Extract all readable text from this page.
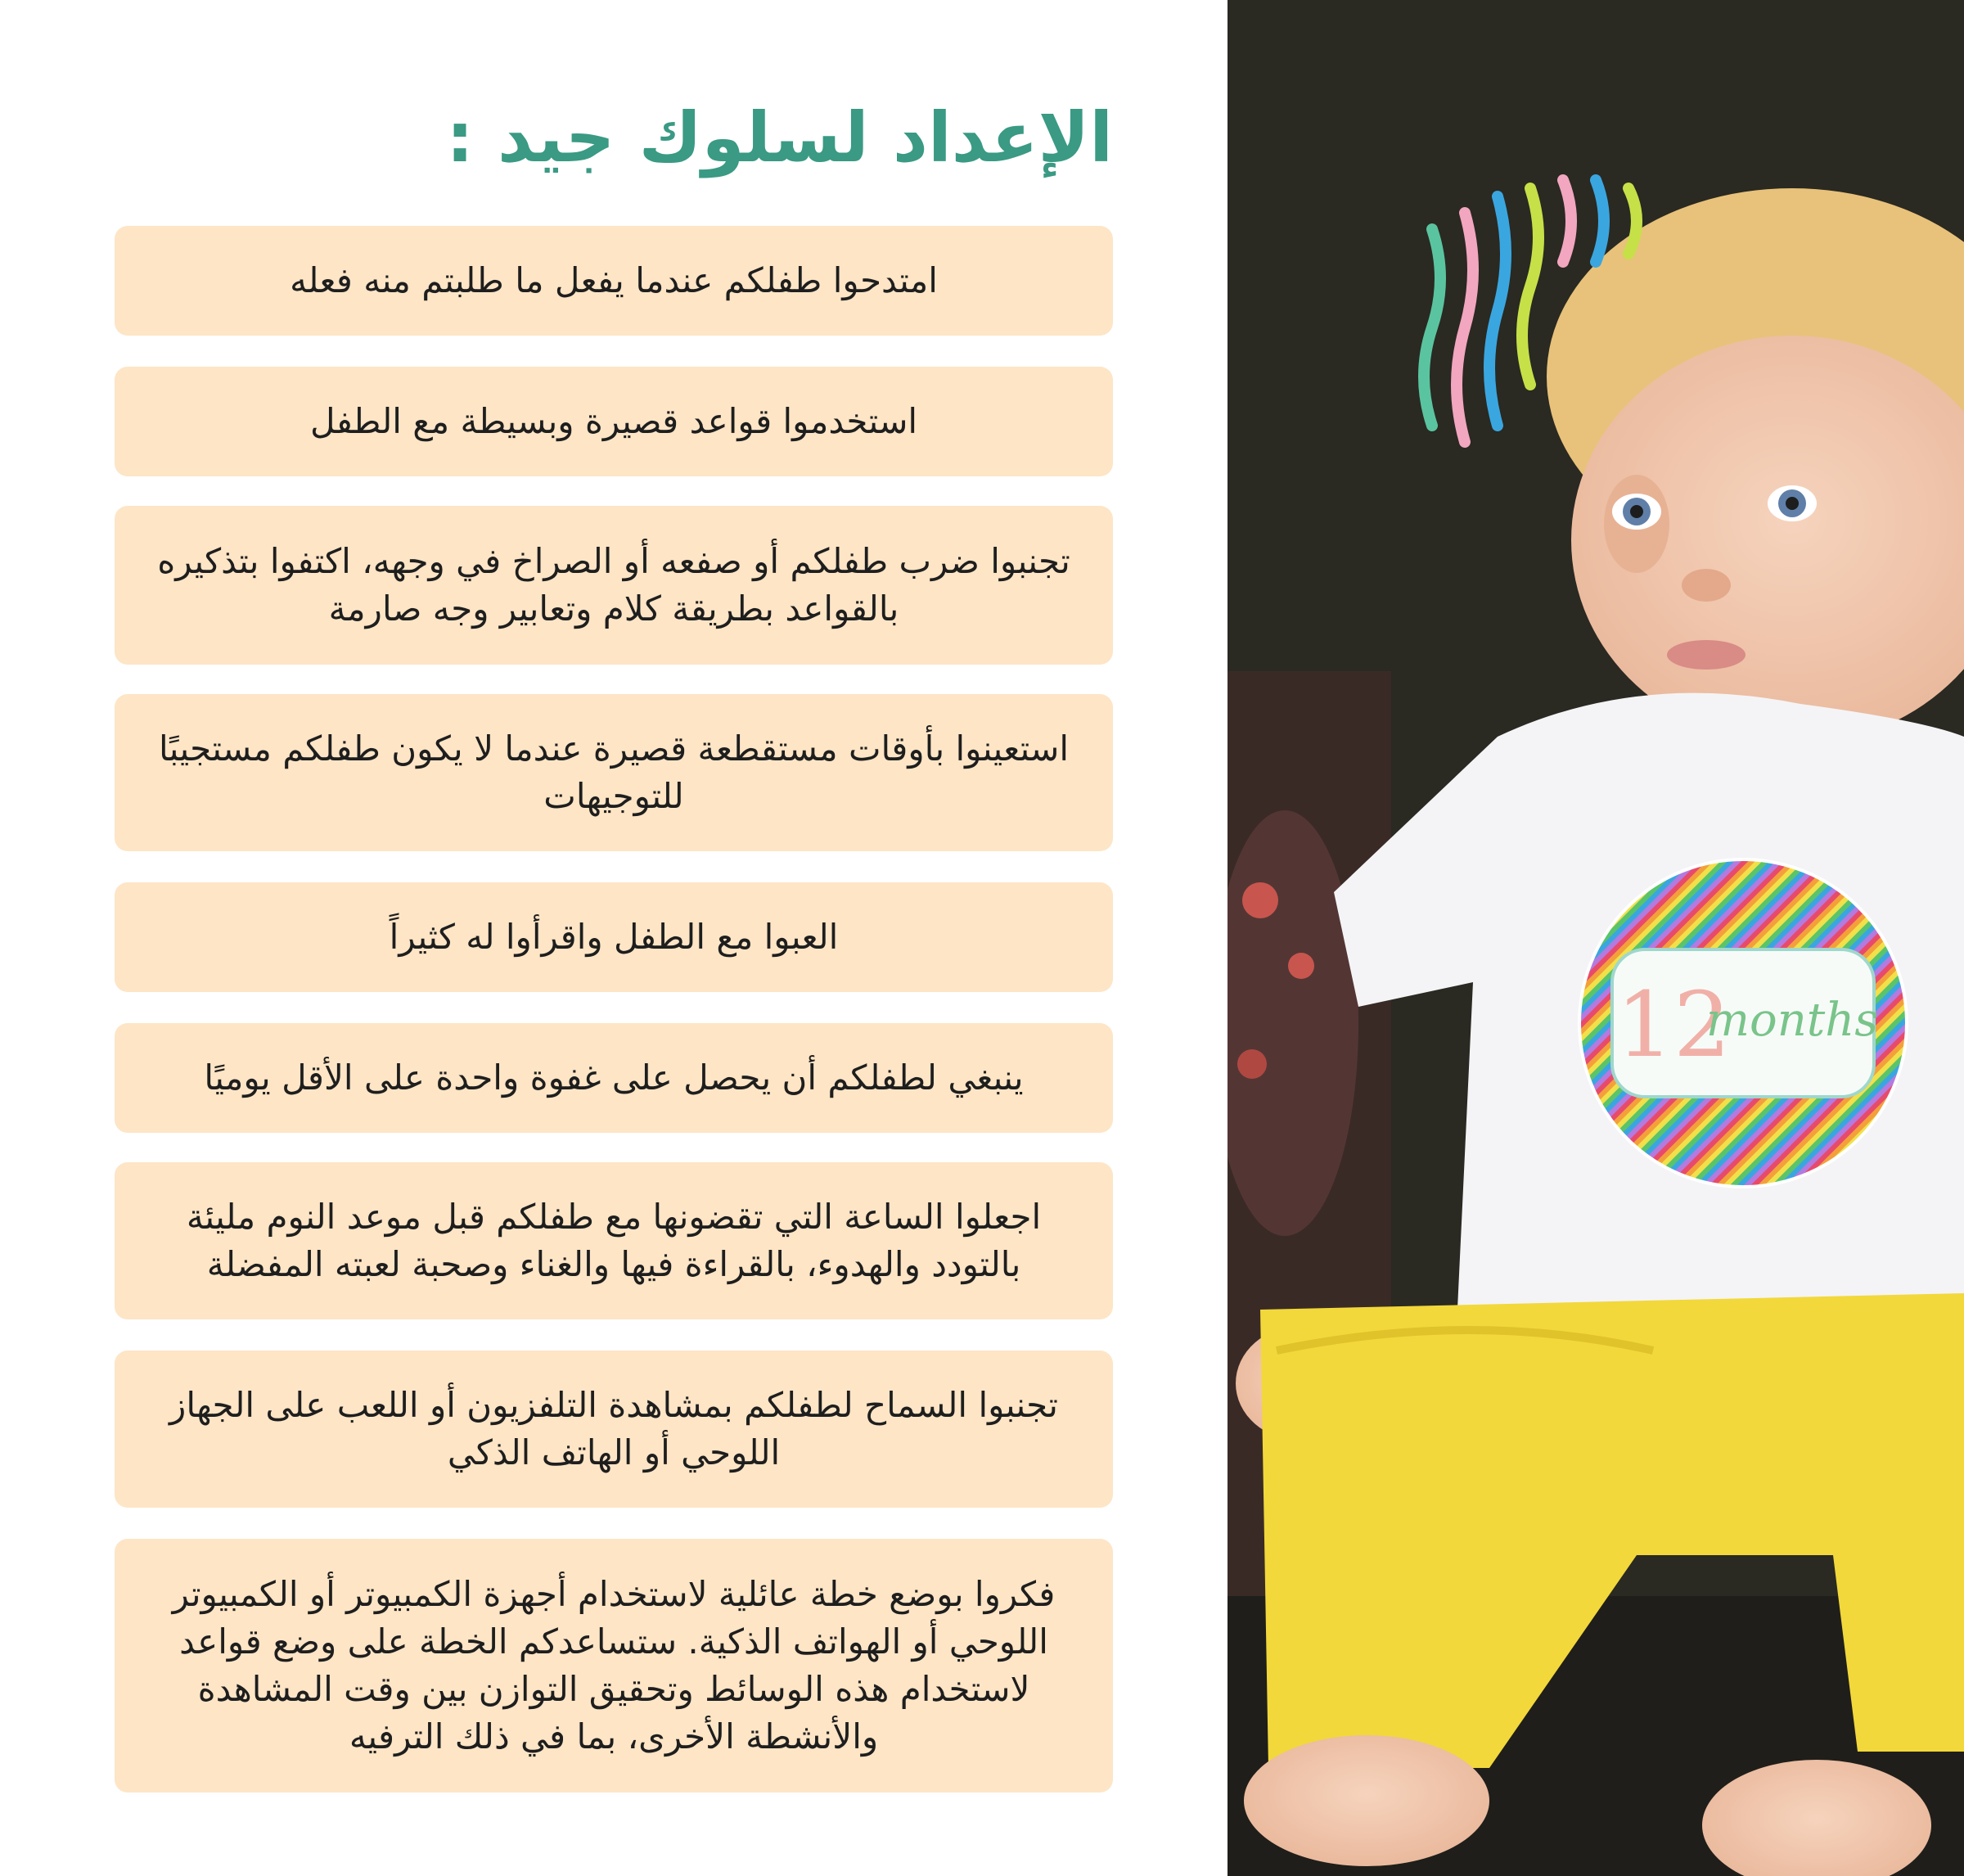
الإعداد لسلوك جيد :
امتدحوا طفلكم عندما يفعل ما طلبتم منه فعله
استخدموا قواعد قصيرة وبسيطة مع الطفل
تجنبوا ضرب طفلكم أو صفعه أو الصراخ في وجهه، اكتفوا بتذكيره بالقواعد بطريقة كلام وتعابير وجه صارمة
استعينوا بأوقات مستقطعة قصيرة عندما لا يكون طفلكم مستجيبًا للتوجيهات
العبوا مع الطفل واقرأوا له كثيراً
ينبغي لطفلكم أن يحصل على غفوة واحدة على الأقل يوميًا
اجعلوا الساعة التي تقضونها مع طفلكم قبل موعد النوم مليئة بالتودد والهدوء، بالقراءة فيها والغناء وصحبة لعبته المفضلة
تجنبوا السماح لطفلكم بمشاهدة التلفزيون أو اللعب على الجهاز اللوحي أو الهاتف الذكي
فكروا بوضع خطة عائلية لاستخدام أجهزة الكمبيوتر أو الكمبيوتر اللوحي أو الهواتف الذكية. ستساعدكم الخطة على وضع قواعد لاستخدام هذه الوسائط وتحقيق التوازن بين وقت المشاهدة والأنشطة الأخرى، بما في ذلك الترفيه
12
months
